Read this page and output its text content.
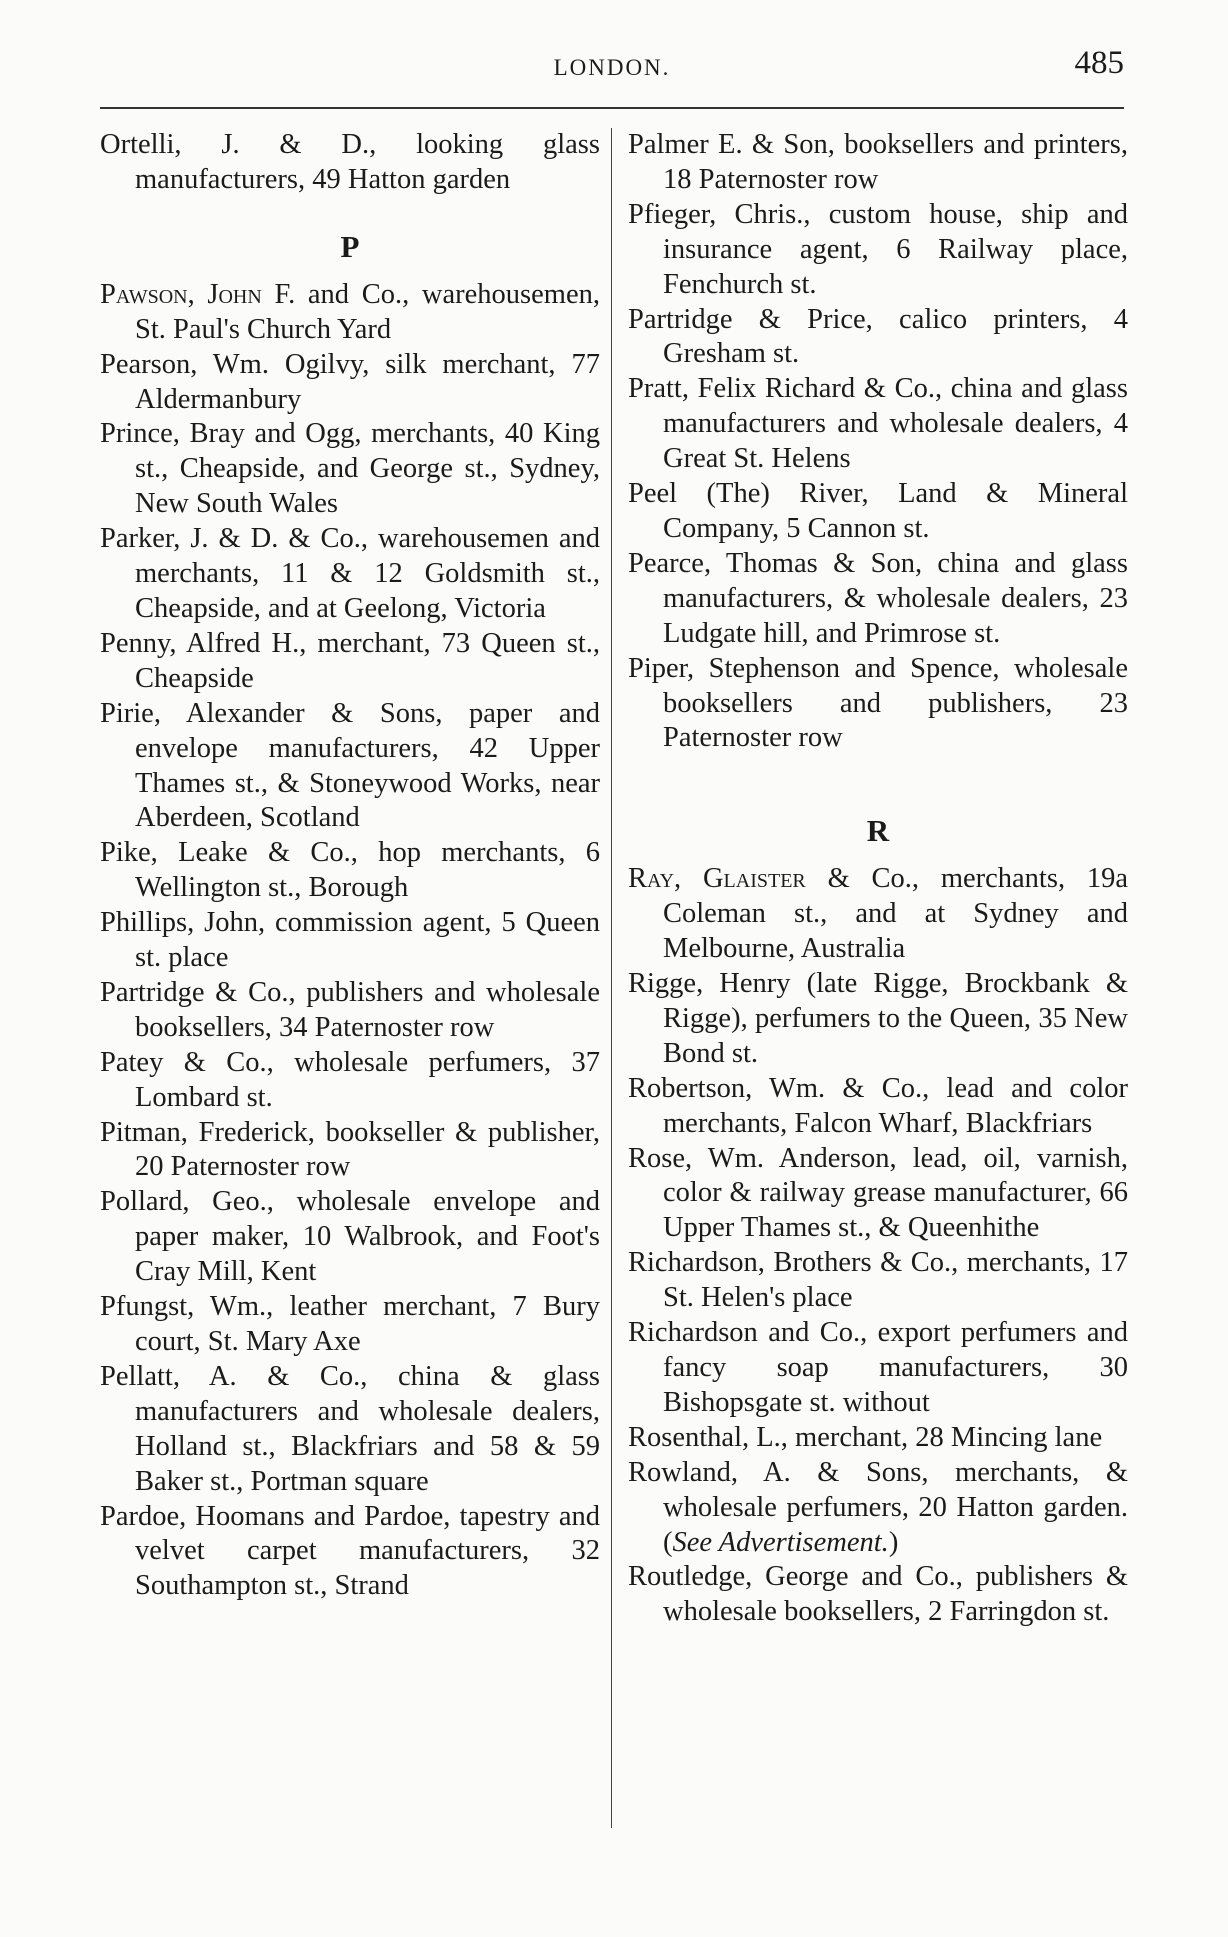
LONDON.	485

Ortelli, J. & D., looking glass manufacturers, 49 Hatton garden

P

Pawson, John F. and Co., warehousemen, St. Paul's Church Yard

Pearson, Wm. Ogilvy, silk merchant, 77 Aldermanbury

Prince, Bray and Ogg, merchants, 40 King st., Cheapside, and George st., Sydney, New South Wales

Parker, J. & D. & Co., warehousemen and merchants, 11 & 12 Goldsmith st., Cheapside, and at Geelong, Victoria

Penny, Alfred H., merchant, 73 Queen st., Cheapside

Pirie, Alexander & Sons, paper and envelope manufacturers, 42 Upper Thames st., & Stoneywood Works, near Aberdeen, Scotland

Pike, Leake & Co., hop merchants, 6 Wellington st., Borough

Phillips, John, commission agent, 5 Queen st. place

Partridge & Co., publishers and wholesale booksellers, 34 Paternoster row

Patey & Co., wholesale perfumers, 37 Lombard st.

Pitman, Frederick, bookseller & publisher, 20 Paternoster row

Pollard, Geo., wholesale envelope and paper maker, 10 Walbrook, and Foot's Cray Mill, Kent

Pfungst, Wm., leather merchant, 7 Bury court, St. Mary Axe

Pellatt, A. & Co., china & glass manufacturers and wholesale dealers, Holland st., Blackfriars and 58 & 59 Baker st., Portman square

Pardoe, Hoomans and Pardoe, tapestry and velvet carpet manufacturers, 32 Southampton st., Strand

Palmer E. & Son, booksellers and printers, 18 Paternoster row

Pfieger, Chris., custom house, ship and insurance agent, 6 Railway place, Fenchurch st.

Partridge & Price, calico printers, 4 Gresham st.

Pratt, Felix Richard & Co., china and glass manufacturers and wholesale dealers, 4 Great St. Helens

Peel (The) River, Land & Mineral Company, 5 Cannon st.

Pearce, Thomas & Son, china and glass manufacturers, & wholesale dealers, 23 Ludgate hill, and Primrose st.

Piper, Stephenson and Spence, wholesale booksellers and publishers, 23 Paternoster row

R

Ray, Glaister & Co., merchants, 19a Coleman st., and at Sydney and Melbourne, Australia

Rigge, Henry (late Rigge, Brockbank & Rigge), perfumers to the Queen, 35 New Bond st.

Robertson, Wm. & Co., lead and color merchants, Falcon Wharf, Blackfriars

Rose, Wm. Anderson, lead, oil, varnish, color & railway grease manufacturer, 66 Upper Thames st., & Queenhithe

Richardson, Brothers & Co., merchants, 17 St. Helen's place

Richardson and Co., export perfumers and fancy soap manufacturers, 30 Bishopsgate st. without

Rosenthal, L., merchant, 28 Mincing lane

Rowland, A. & Sons, merchants, & wholesale perfumers, 20 Hatton garden. (See Advertisement.)

Routledge, George and Co., publishers & wholesale booksellers, 2 Farringdon st.
